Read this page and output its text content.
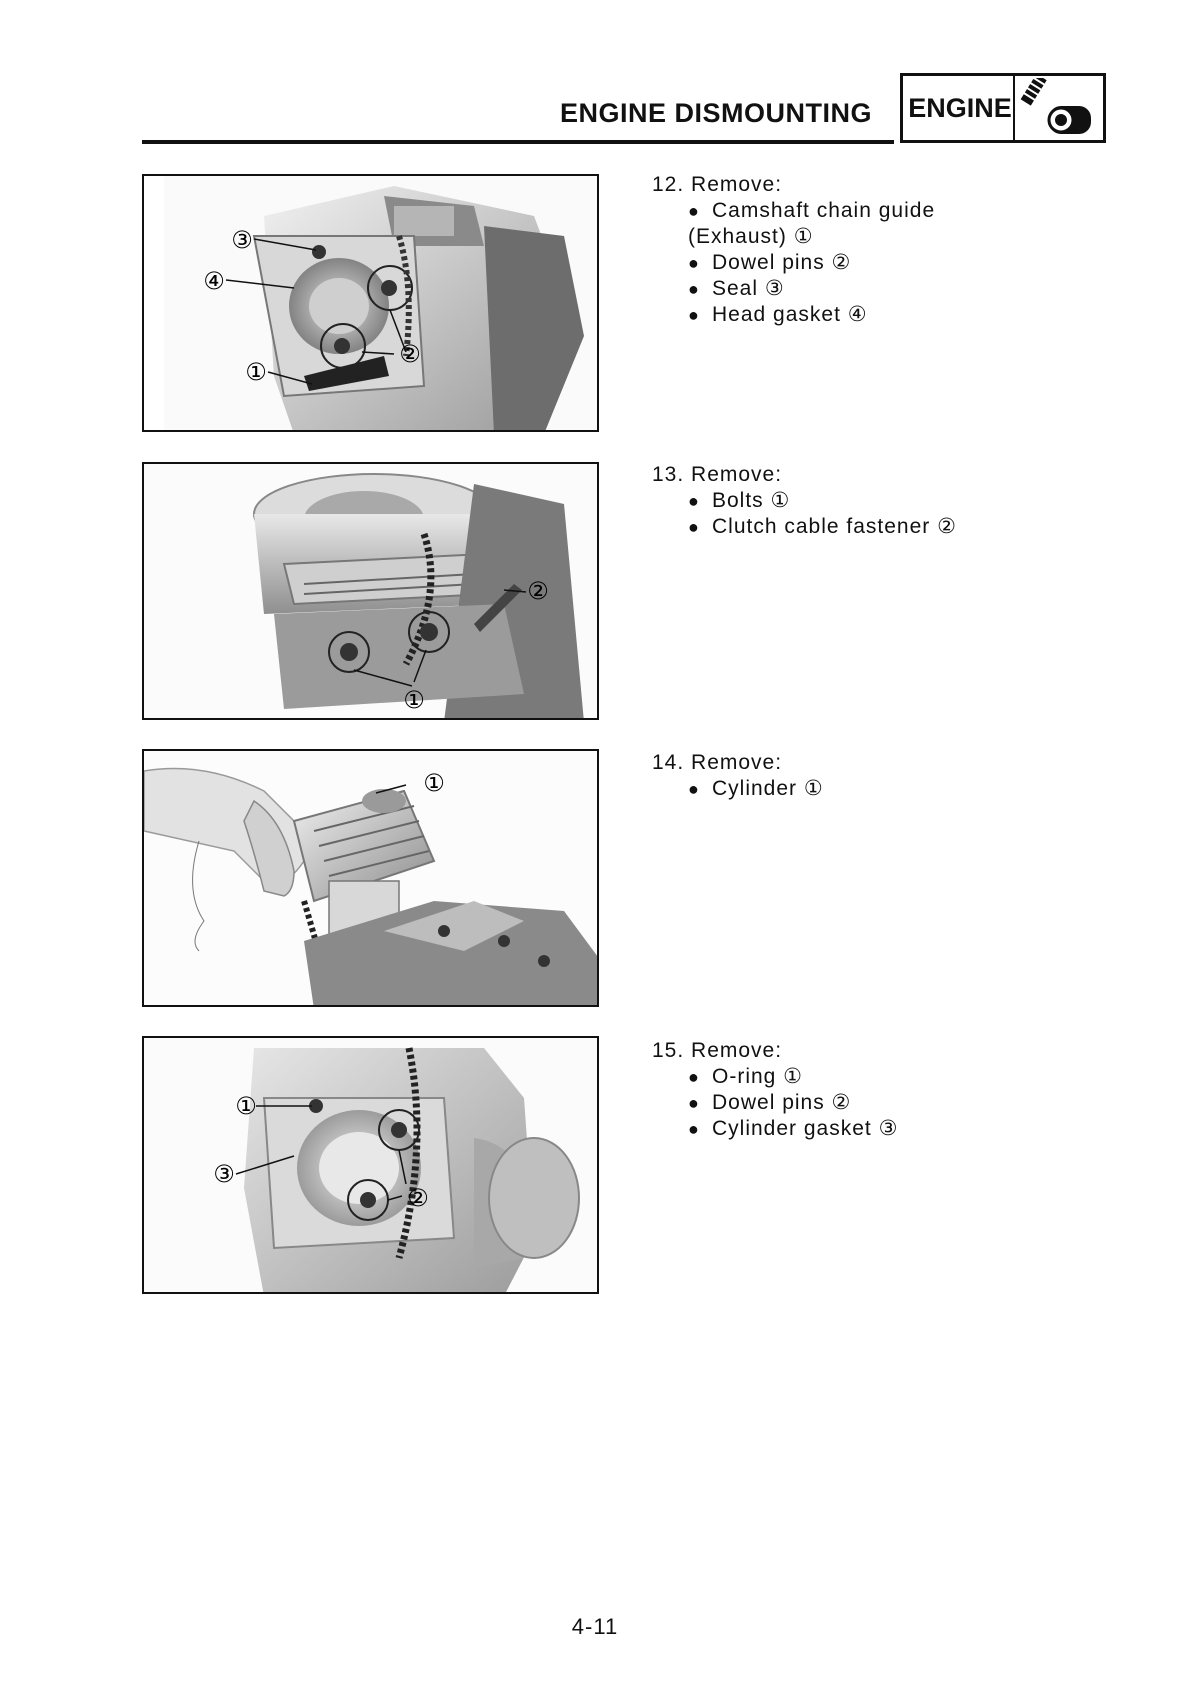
ENGINE DISMOUNTING ENGINE
③
④
②
①
②
①
①
①
③
②
12. Remove:
● Camshaft chain guide
(Exhaust) ①
● Dowel pins ②
● Seal ③
● Head gasket ④
13. Remove:
● Bolts ①
● Clutch cable fastener ②
14. Remove:
● Cylinder ①
15. Remove:
● O-ring ①
● Dowel pins ②
● Cylinder gasket ③
4-11
